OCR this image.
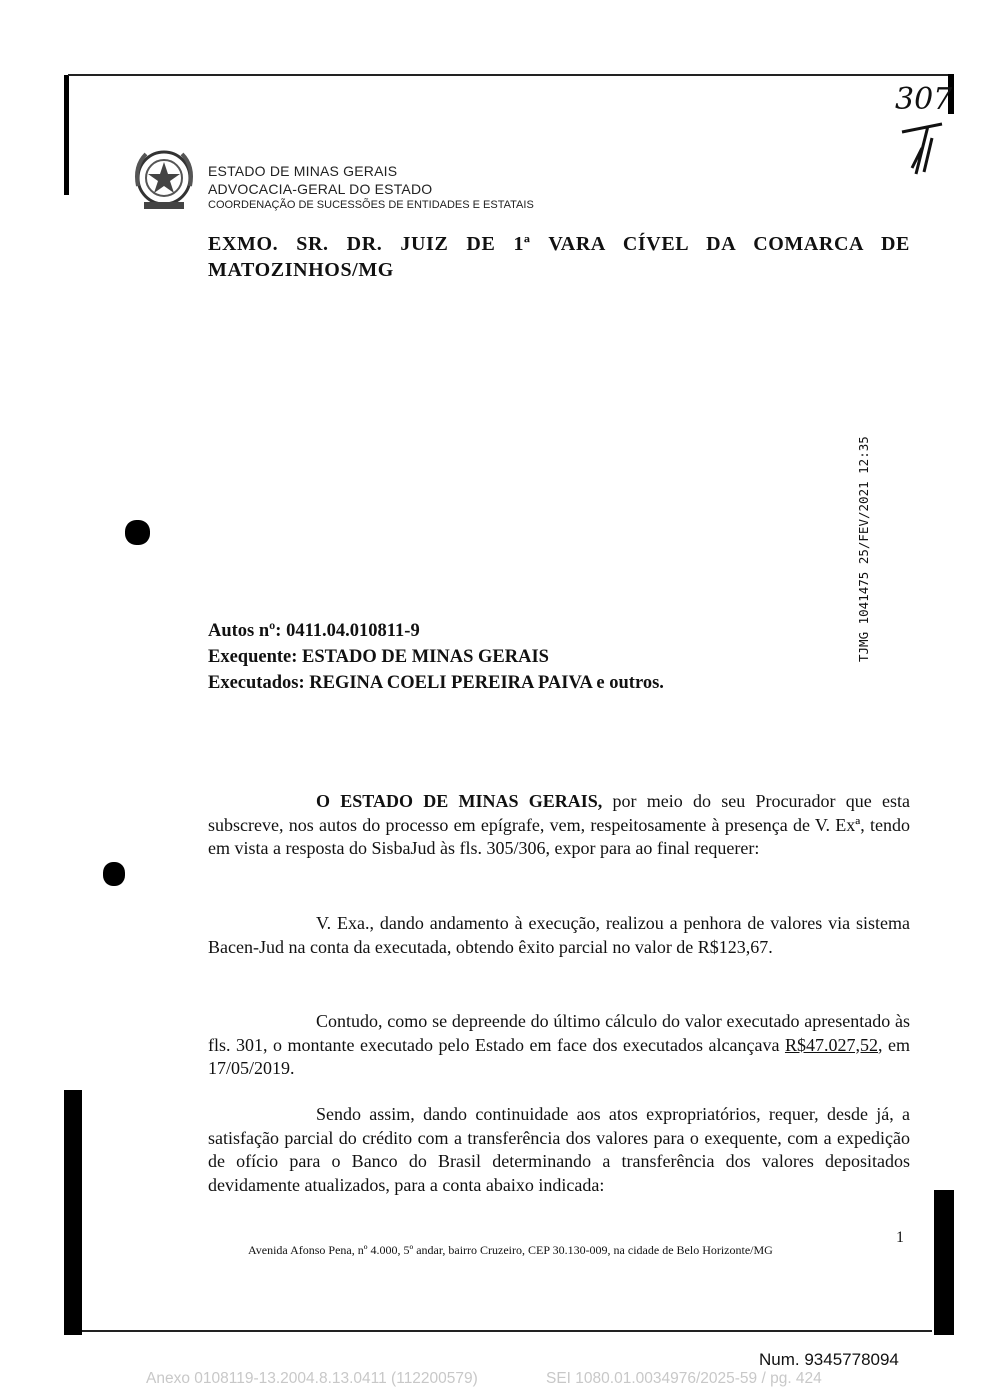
307
ESTADO DE MINAS GERAIS
ADVOCACIA-GERAL DO ESTADO
COORDENAÇÃO DE SUCESSÕES DE ENTIDADES E ESTATAIS
EXMO. SR. DR. JUIZ DE 1ª VARA CÍVEL DA COMARCA DE
MATOZINHOS/MG
TJMG 1041475 25/FEV/2021 12:35
Autos nº: 0411.04.010811-9
Exequente: ESTADO DE MINAS GERAIS
Executados: REGINA COELI PEREIRA PAIVA e outros.
O ESTADO DE MINAS GERAIS, por meio do seu Procurador que esta subscreve, nos autos do processo em epígrafe, vem, respeitosamente à presença de V. Exª, tendo em vista a resposta do SisbaJud às fls. 305/306, expor para ao final requerer:
V. Exa., dando andamento à execução, realizou a penhora de valores via sistema Bacen-Jud na conta da executada, obtendo êxito parcial no valor de R$123,67.
Contudo, como se depreende do último cálculo do valor executado apresentado às fls. 301, o montante executado pelo Estado em face dos executados alcançava R$47.027,52, em 17/05/2019.
Sendo assim, dando continuidade aos atos expropriatórios, requer, desde já, a satisfação parcial do crédito com a transferência dos valores para o exequente, com a expedição de ofício para o Banco do Brasil determinando a transferência dos valores depositados devidamente atualizados, para a conta abaixo indicada:
Avenida Afonso Pena, nº 4.000, 5º andar, bairro Cruzeiro, CEP 30.130-009, na cidade de Belo Horizonte/MG
1
Num. 9345778094
Anexo 0108119-13.2004.8.13.0411 (112200579)	SEI 1080.01.0034976/2025-59 / pg. 424
